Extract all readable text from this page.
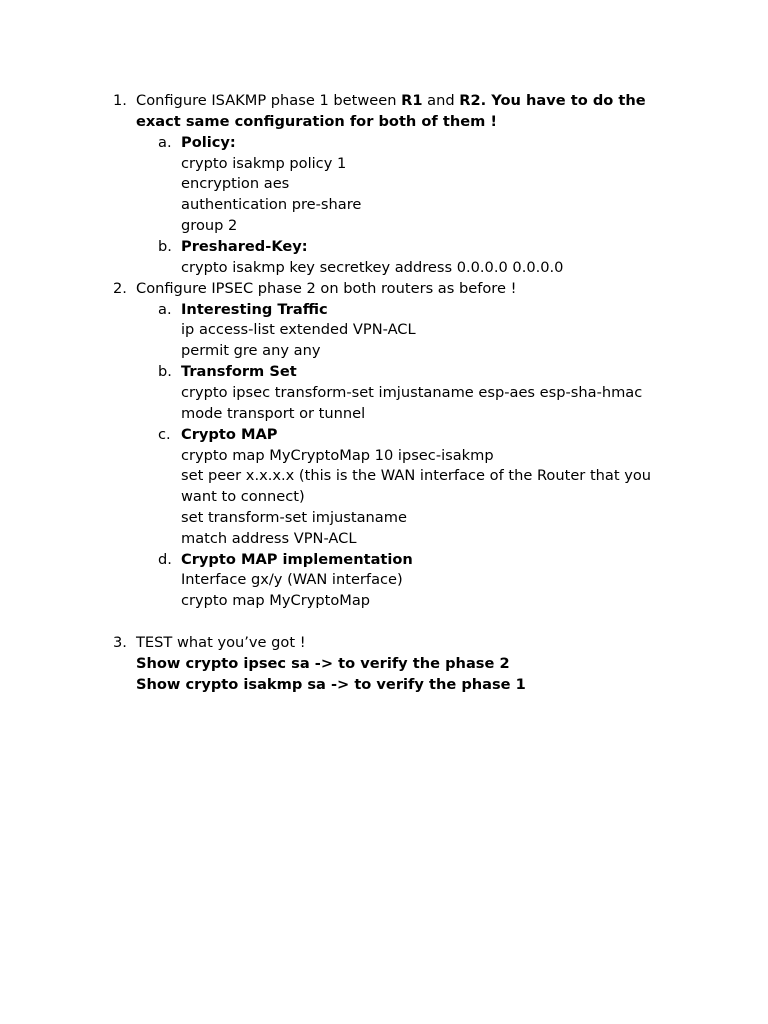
1. Configure ISAKMP phase 1 between R1 and R2. You have to do the
exact same configuration for both of them !
a. Policy:
crypto isakmp policy 1
encryption aes
authentication pre-share
group 2
b. Preshared-Key:
crypto isakmp key secretkey address 0.0.0.0 0.0.0.0
2. Configure IPSEC phase 2 on both routers as before !
a. Interesting Traffic
ip access-list extended VPN-ACL
permit gre any any
b. Transform Set
crypto ipsec transform-set imjustaname esp-aes esp-sha-hmac
mode transport or tunnel
c. Crypto MAP
crypto map MyCryptoMap 10 ipsec-isakmp
set peer x.x.x.x (this is the WAN interface of the Router that you
want to connect)
set transform-set imjustaname
match address VPN-ACL
d. Crypto MAP implementation
Interface gx/y (WAN interface)
crypto map MyCryptoMap
3. TEST what you’ve got !
Show crypto ipsec sa -> to verify the phase 2
Show crypto isakmp sa -> to verify the phase 1
